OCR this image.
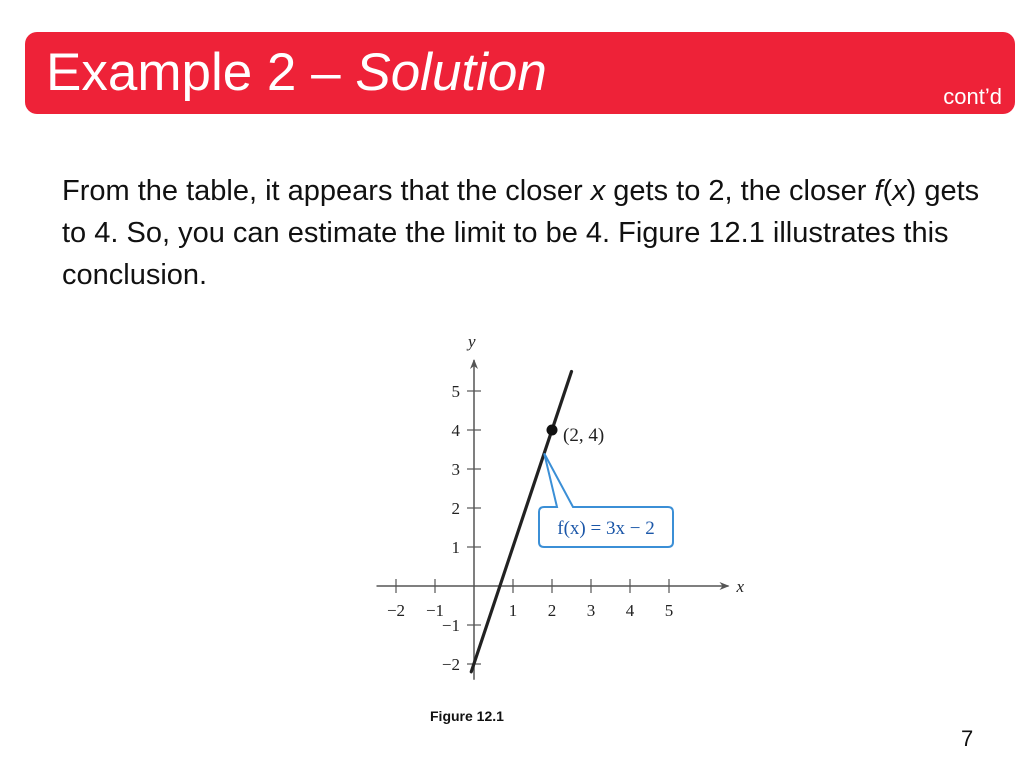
Example 2 – Solution	cont’d

From the table, it appears that the closer x gets to 2, the closer f(x) gets to 4. So, you can estimate the limit to be 4. Figure 12.1 illustrates this conclusion.

x
y
−2 −1	1 2 3 4 5
−2
−1
1
2
3
4
5
(2, 4)
f(x) = 3x − 2
Figure 12.1
7
